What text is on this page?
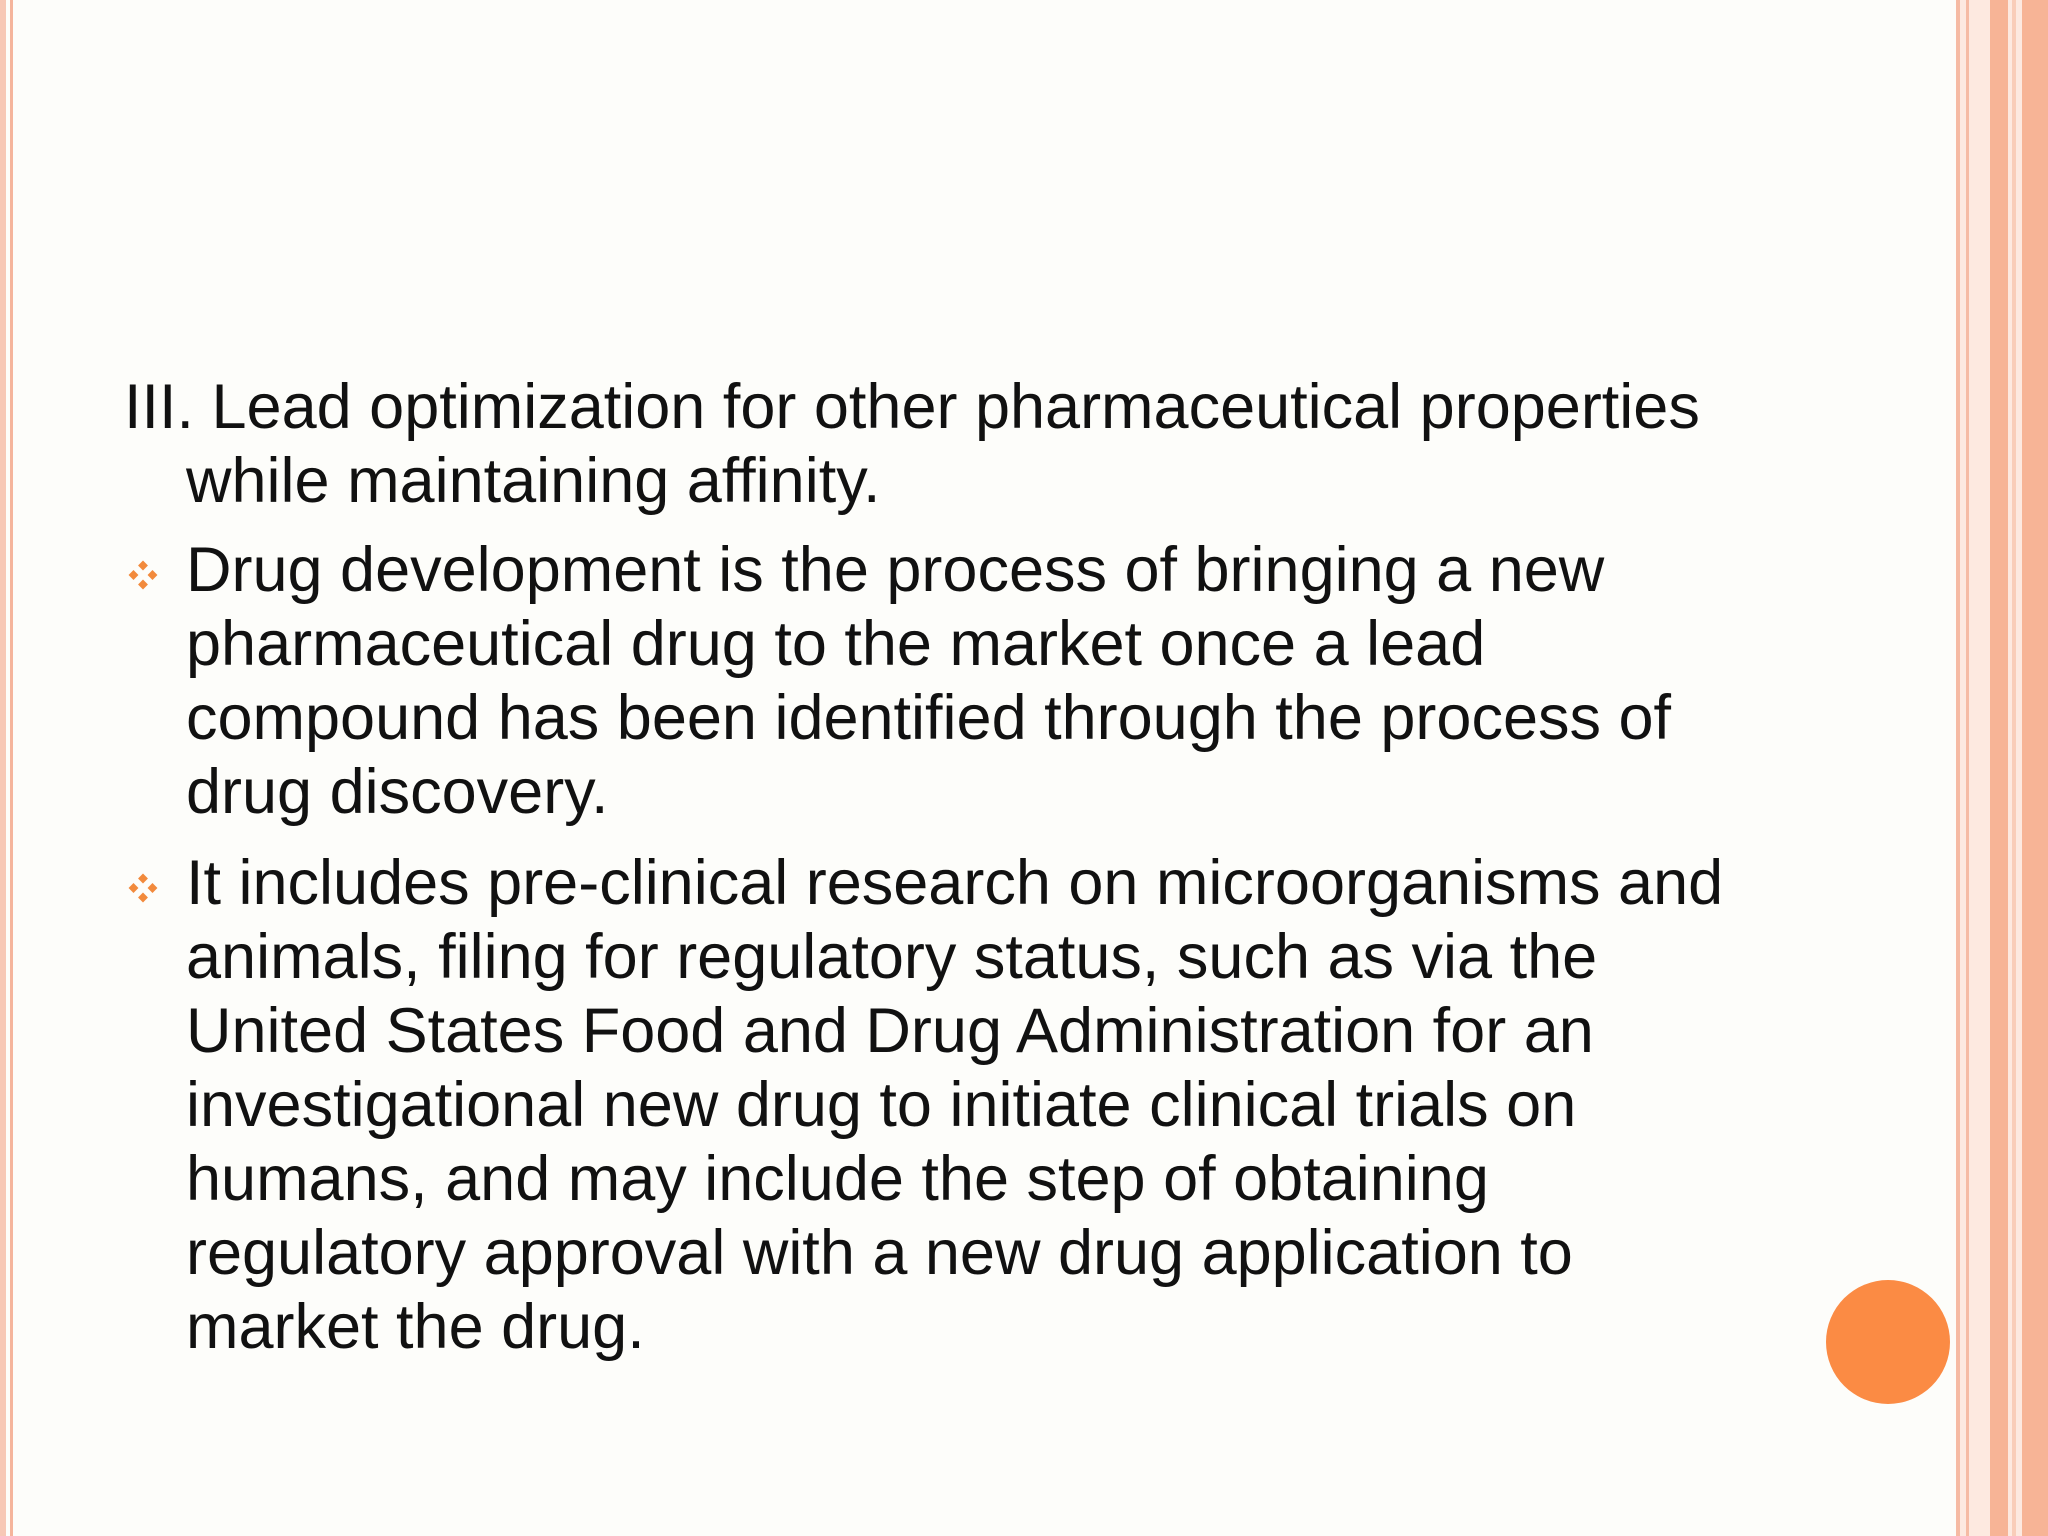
III. Lead optimization for other pharmaceutical properties while maintaining affinity.

Drug development is the process of bringing a new pharmaceutical drug to the market once a lead compound has been identified through the process of drug discovery.
It includes pre-clinical research on microorganisms and animals, filing for regulatory status, such as via the United States Food and Drug Administration for an investigational new drug to initiate clinical trials on humans, and may include the step of obtaining regulatory approval with a new drug application to market the drug.
